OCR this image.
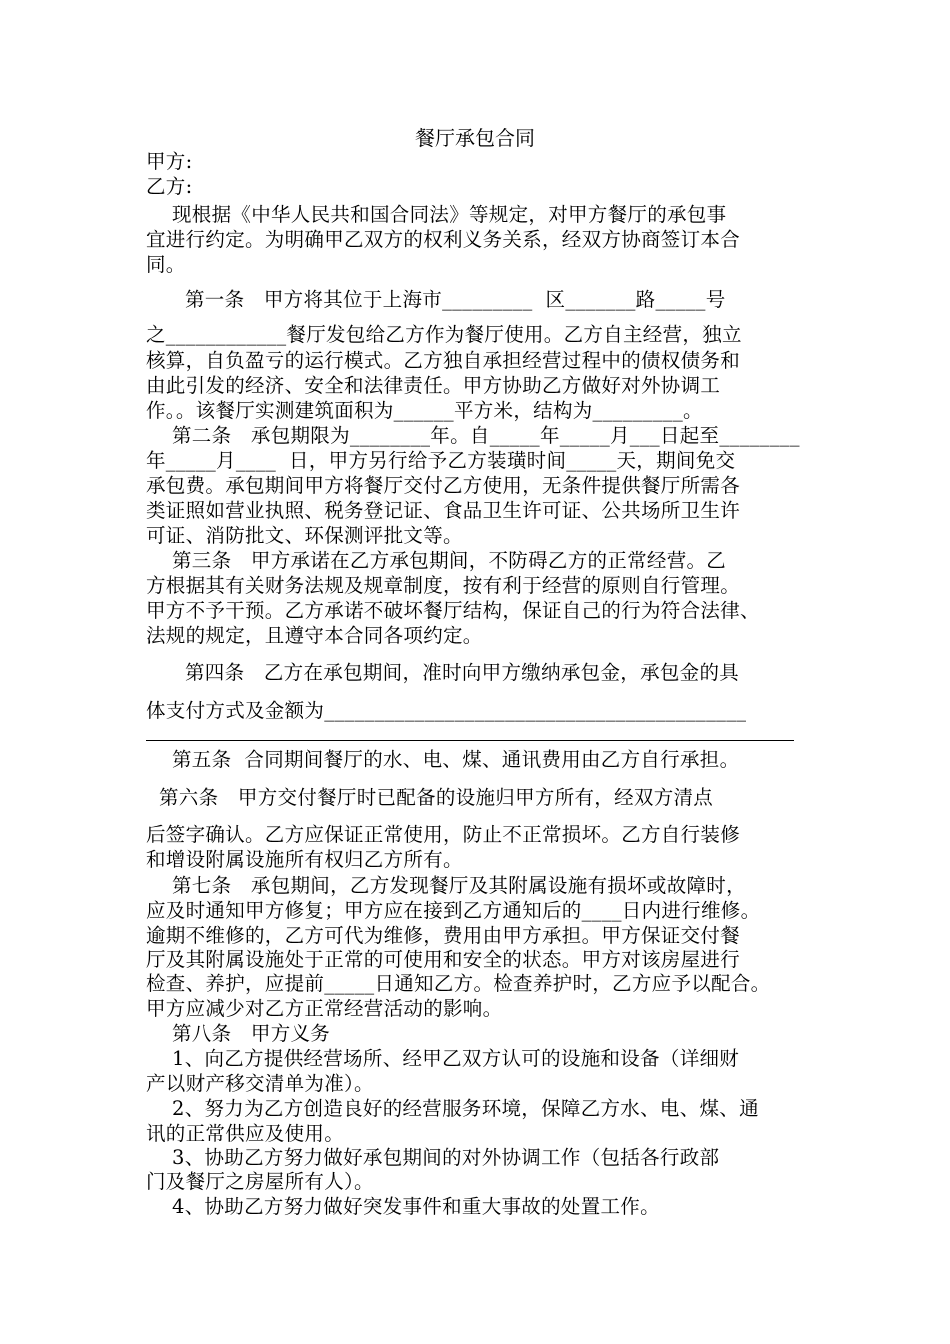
餐厅承包合同
甲方:
乙方:
现根据《中华人民共和国合同法》等规定，对甲方餐厅的承包事
宜进行约定。为明确甲乙双方的权利义务关系，经双方协商签订本合
同。
第一条   甲方将其位于上海市_________  区_______路_____号
之____________餐厅发包给乙方作为餐厅使用。乙方自主经营，独立
核算，自负盈亏的运行模式。乙方独自承担经营过程中的债权债务和
由此引发的经济、安全和法律责任。甲方协助乙方做好对外协调工
作。。该餐厅实测建筑面积为______平方米，结构为_________。
第二条   承包期限为________年。自_____年_____月___日起至________
年_____月____  日，甲方另行给予乙方装璜时间_____天，期间免交
承包费。承包期间甲方将餐厅交付乙方使用，无条件提供餐厅所需各
类证照如营业执照、税务登记证、食品卫生许可证、公共场所卫生许
可证、消防批文、环保测评批文等。
第三条   甲方承诺在乙方承包期间，不防碍乙方的正常经营。乙
方根据其有关财务法规及规章制度，按有利于经营的原则自行管理。
甲方不予干预。乙方承诺不破坏餐厅结构，保证自己的行为符合法律、
法规的规定，且遵守本合同各项约定。
第四条   乙方在承包期间，准时向甲方缴纳承包金，承包金的具
体支付方式及金额为__________________________________________
第五条  合同期间餐厅的水、电、煤、通讯费用由乙方自行承担。
第六条   甲方交付餐厅时已配备的设施归甲方所有，经双方清点
后签字确认。乙方应保证正常使用，防止不正常损坏。乙方自行装修
和增设附属设施所有权归乙方所有。
第七条   承包期间，乙方发现餐厅及其附属设施有损坏或故障时，
应及时通知甲方修复；甲方应在接到乙方通知后的____日内进行维修。
逾期不维修的，乙方可代为维修，费用由甲方承担。甲方保证交付餐
厅及其附属设施处于正常的可使用和安全的状态。甲方对该房屋进行
检查、养护，应提前_____日通知乙方。检查养护时，乙方应予以配合。
甲方应减少对乙方正常经营活动的影响。
第八条   甲方义务
1、向乙方提供经营场所、经甲乙双方认可的设施和设备（详细财
产以财产移交清单为准）。
2、努力为乙方创造良好的经营服务环境，保障乙方水、电、煤、通
讯的正常供应及使用。
3、协助乙方努力做好承包期间的对外协调工作（包括各行政部
门及餐厅之房屋所有人）。
4、协助乙方努力做好突发事件和重大事故的处置工作。
